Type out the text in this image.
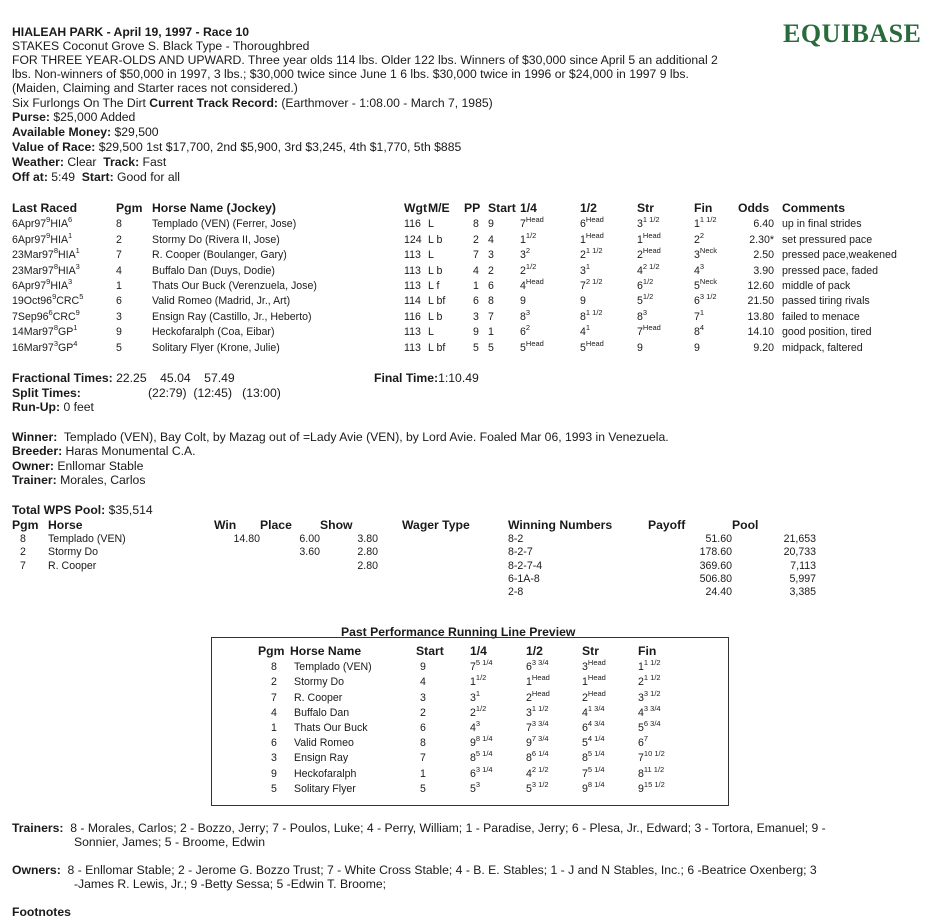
EQUIBASE
HIALEAH PARK - April 19, 1997 - Race 10
STAKES Coconut Grove S. Black Type - Thoroughbred
FOR THREE YEAR-OLDS AND UPWARD. Three year olds 114 lbs. Older 122 lbs. Winners of $30,000 since April 5 an additional 2
lbs. Non-winners of $50,000 in 1997, 3 lbs.; $30,000 twice since June 1 6 lbs. $30,000 twice in 1996 or $24,000 in 1997 9 lbs.
(Maiden, Claiming and Starter races not considered.)
Six Furlongs On The Dirt Current Track Record: (Earthmover - 1:08.00 - March 7, 1985)
Purse: $25,000 Added
Available Money: $29,500
Value of Race: $29,500 1st $17,700, 2nd $5,900, 3rd $3,245, 4th $1,770, 5th $885
Weather: Clear Track: Fast
Off at: 5:49 Start: Good for all
Last Raced	Pgm	Horse Name (Jockey)	Wgt	M/E	PP	Start	1/4	1/2	Str	Fin	Odds	Comments
$6Apr97^9HIA^6$	8	Templado (VEN) (Ferrer, Jose)	116	L	8	9	$7^{Head}$	$6^{Head}$	$3^{1 1/2}$	$1^{1 1/2}$	6.40	up in final strides
$6Apr97^9HIA^1$	2	Stormy Do (Rivera II, Jose)	124	L b	2	4	$1^{1/2}$	$1^{Head}$	$1^{Head}$	$2^2$	2.30*	set pressured pace
$23Mar97^8HIA^1$	7	R. Cooper (Boulanger, Gary)	113	L	7	3	$3^2$	$2^{1 1/2}$	$2^{Head}$	$3^{Neck}$	2.50	pressed pace,weakened
$23Mar97^8HIA^3$	4	Buffalo Dan (Duys, Dodie)	113	L b	4	2	$2^{1/2}$	$3^1$	$4^{2 1/2}$	$4^3$	3.90	pressed pace, faded
$6Apr97^9HIA^3$	1	Thats Our Buck (Verenzuela, Jose)	113	L f	1	6	$4^{Head}$	$7^{2 1/2}$	$6^{1/2}$	$5^{Neck}$	12.60	middle of pack
$19Oct96^9CRC^5$	6	Valid Romeo (Madrid, Jr., Art)	114	L bf	6	8	9	9	$5^{1/2}$	$6^{3 1/2}$	21.50	passed tiring rivals
$7Sep96^6CRC^9$	3	Ensign Ray (Castillo, Jr., Heberto)	116	L b	3	7	$8^3$	$8^{1 1/2}$	$8^3$	$7^1$	13.80	failed to menace
$14Mar97^8GP^1$	9	Heckofaralph (Coa, Eibar)	113	L	9	1	$6^2$	$4^1$	$7^{Head}$	$8^4$	14.10	good position, tired
$16Mar97^3GP^4$	5	Solitary Flyer (Krone, Julie)	113	L bf	5	5	$5^{Head}$	$5^{Head}$	9	9	9.20	midpack, faltered
Fractional Times: 22.25    45.04    57.49	Final Time:1:10.49
Split Times:	(22:79)  (12:45)   (13:00)
Run-Up: 0 feet
Winner: Templado (VEN), Bay Colt, by Mazag out of =Lady Avie (VEN), by Lord Avie. Foaled Mar 06, 1993 in Venezuela.
Breeder: Haras Monumental C.A.
Owner: Enllomar Stable
Trainer: Morales, Carlos
Total WPS Pool: $35,514
Pgm	Horse	Win	Place	Show	Wager Type	Winning Numbers	Payoff	Pool
8	Templado (VEN)	14.80	6.00	3.80		8-2	51.60	21,653
2	Stormy Do		3.60	2.80		8-2-7	178.60	20,733
7	R. Cooper			2.80		8-2-7-4	369.60	7,113
						6-1A-8	506.80	5,997
						2-8	24.40	3,385
Past Performance Running Line Preview
Pgm	Horse Name	Start	1/4	1/2	Str	Fin
8	Templado (VEN)	9	$7^{5 1/4}$	$6^{3 3/4}$	$3^{Head}$	$1^{1 1/2}$
2	Stormy Do	4	$1^{1/2}$	$1^{Head}$	$1^{Head}$	$2^{1 1/2}$
7	R. Cooper	3	$3^1$	$2^{Head}$	$2^{Head}$	$3^{3 1/2}$
4	Buffalo Dan	2	$2^{1/2}$	$3^{1 1/2}$	$4^{1 3/4}$	$4^{3 3/4}$
1	Thats Our Buck	6	$4^3$	$7^{3 3/4}$	$6^{4 3/4}$	$5^{6 3/4}$
6	Valid Romeo	8	$9^{8 1/4}$	$9^{7 3/4}$	$5^{4 1/4}$	$6^7$
3	Ensign Ray	7	$8^{5 1/4}$	$8^{6 1/4}$	$8^{5 1/4}$	$7^{10 1/2}$
9	Heckofaralph	1	$6^{3 1/4}$	$4^{2 1/2}$	$7^{5 1/4}$	$8^{11 1/2}$
5	Solitary Flyer	5	$5^3$	$5^{3 1/2}$	$9^{8 1/4}$	$9^{15 1/2}$
Trainers: 8 - Morales, Carlos; 2 - Bozzo, Jerry; 7 - Poulos, Luke; 4 - Perry, William; 1 - Paradise, Jerry; 6 - Plesa, Jr., Edward; 3 - Tortora, Emanuel; 9 -
Sonnier, James; 5 - Broome, Edwin
Owners: 8 - Enllomar Stable; 2 - Jerome G. Bozzo Trust; 7 - White Cross Stable; 4 - B. E. Stables; 1 - J and N Stables, Inc.; 6 -Beatrice Oxenberg; 3
-James R. Lewis, Jr.; 9 -Betty Sessa; 5 -Edwin T. Broome;
Footnotes
